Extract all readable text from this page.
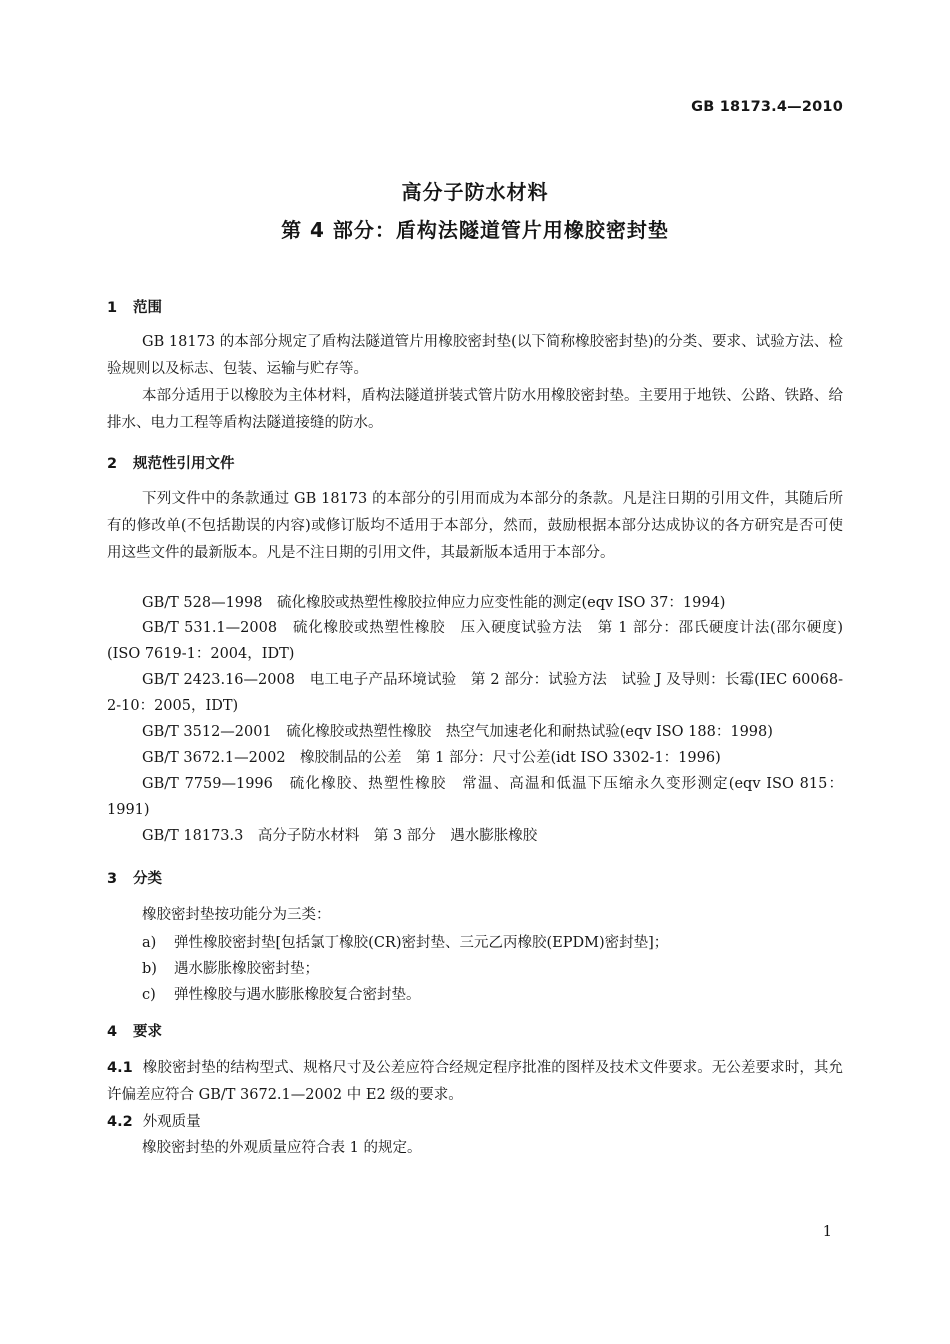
GB 18173.4—2010
高分子防水材料
第 4 部分：盾构法隧道管片用橡胶密封垫
1 范围
GB 18173 的本部分规定了盾构法隧道管片用橡胶密封垫(以下简称橡胶密封垫)的分类、要求、试验方法、检验规则以及标志、包装、运输与贮存等。
本部分适用于以橡胶为主体材料，盾构法隧道拼装式管片防水用橡胶密封垫。主要用于地铁、公路、铁路、给排水、电力工程等盾构法隧道接缝的防水。
2 规范性引用文件
下列文件中的条款通过 GB 18173 的本部分的引用而成为本部分的条款。凡是注日期的引用文件，其随后所有的修改单(不包括勘误的内容)或修订版均不适用于本部分，然而，鼓励根据本部分达成协议的各方研究是否可使用这些文件的最新版本。凡是不注日期的引用文件，其最新版本适用于本部分。
GB/T 528—1998　硫化橡胶或热塑性橡胶拉伸应力应变性能的测定(eqv ISO 37：1994)
GB/T 531.1—2008　硫化橡胶或热塑性橡胶　压入硬度试验方法　第 1 部分：邵氏硬度计法(邵尔硬度)(ISO 7619-1：2004，IDT)
GB/T 2423.16—2008　电工电子产品环境试验　第 2 部分：试验方法　试验 J 及导则：长霉(IEC 60068-2-10：2005，IDT)
GB/T 3512—2001　硫化橡胶或热塑性橡胶　热空气加速老化和耐热试验(eqv ISO 188：1998)
GB/T 3672.1—2002　橡胶制品的公差　第 1 部分：尺寸公差(idt ISO 3302-1：1996)
GB/T 7759—1996　硫化橡胶、热塑性橡胶　常温、高温和低温下压缩永久变形测定(eqv ISO 815：1991)
GB/T 18173.3　高分子防水材料　第 3 部分　遇水膨胀橡胶
3 分类
橡胶密封垫按功能分为三类：
a) 弹性橡胶密封垫[包括氯丁橡胶(CR)密封垫、三元乙丙橡胶(EPDM)密封垫]；
b) 遇水膨胀橡胶密封垫；
c) 弹性橡胶与遇水膨胀橡胶复合密封垫。
4 要求
4.1 橡胶密封垫的结构型式、规格尺寸及公差应符合经规定程序批准的图样及技术文件要求。无公差要求时，其允许偏差应符合 GB/T 3672.1—2002 中 E2 级的要求。
4.2 外观质量
橡胶密封垫的外观质量应符合表 1 的规定。
1
